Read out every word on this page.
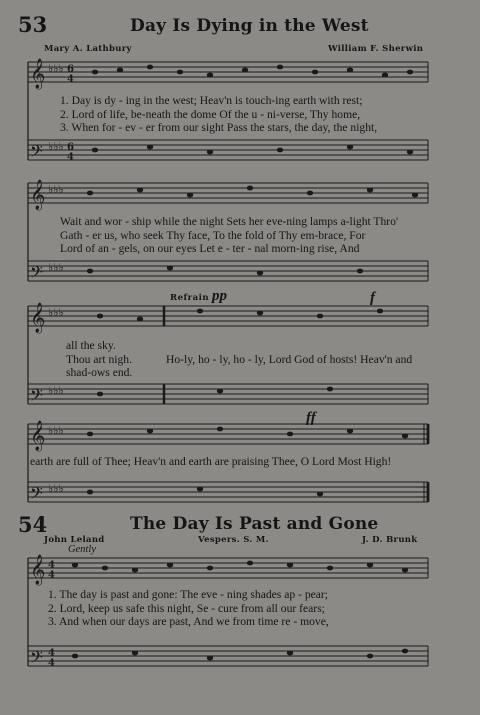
53	Day Is Dying in the West
Mary A. Lathbury	William F. Sherwin
𝄞
𝄢
𝄞
𝄢
𝄞
𝄢
𝄞
𝄢
𝄞
𝄢
♭♭♭
♭♭♭
♭♭♭
♭♭♭
♭♭♭
♭♭♭
♭♭♭
♭♭♭
6
4
6
4
4
4
4
4
1. Day is dy - ing in the west; Heav'n is touch-ing earth with rest;
2. Lord of life, be-neath the dome Of the u - ni-verse, Thy home,
3. When for - ev - er from our sight Pass the stars, the day, the night,
Wait and wor - ship while the night Sets her eve-ning lamps a-light Thro'
Gath - er us, who seek Thy face, To the fold of Thy em-brace, For
Lord of an - gels, on our eyes Let e - ter - nal morn-ing rise, And
Refrain pp	f
all the sky.
Thou art nigh.
shad-ows end.
Ho-ly, ho - ly, ho - ly, Lord God of hosts! Heav'n and
ff
earth are full of Thee; Heav'n and earth are praising Thee, O Lord Most High!
54	The Day Is Past and Gone
John Leland	Vespers. S. M.	J. D. Brunk
Gently
1. The day is past and gone: The eve - ning shades ap - pear;
2. Lord, keep us safe this night, Se - cure from all our fears;
3. And when our days are past, And we from time re - move,
